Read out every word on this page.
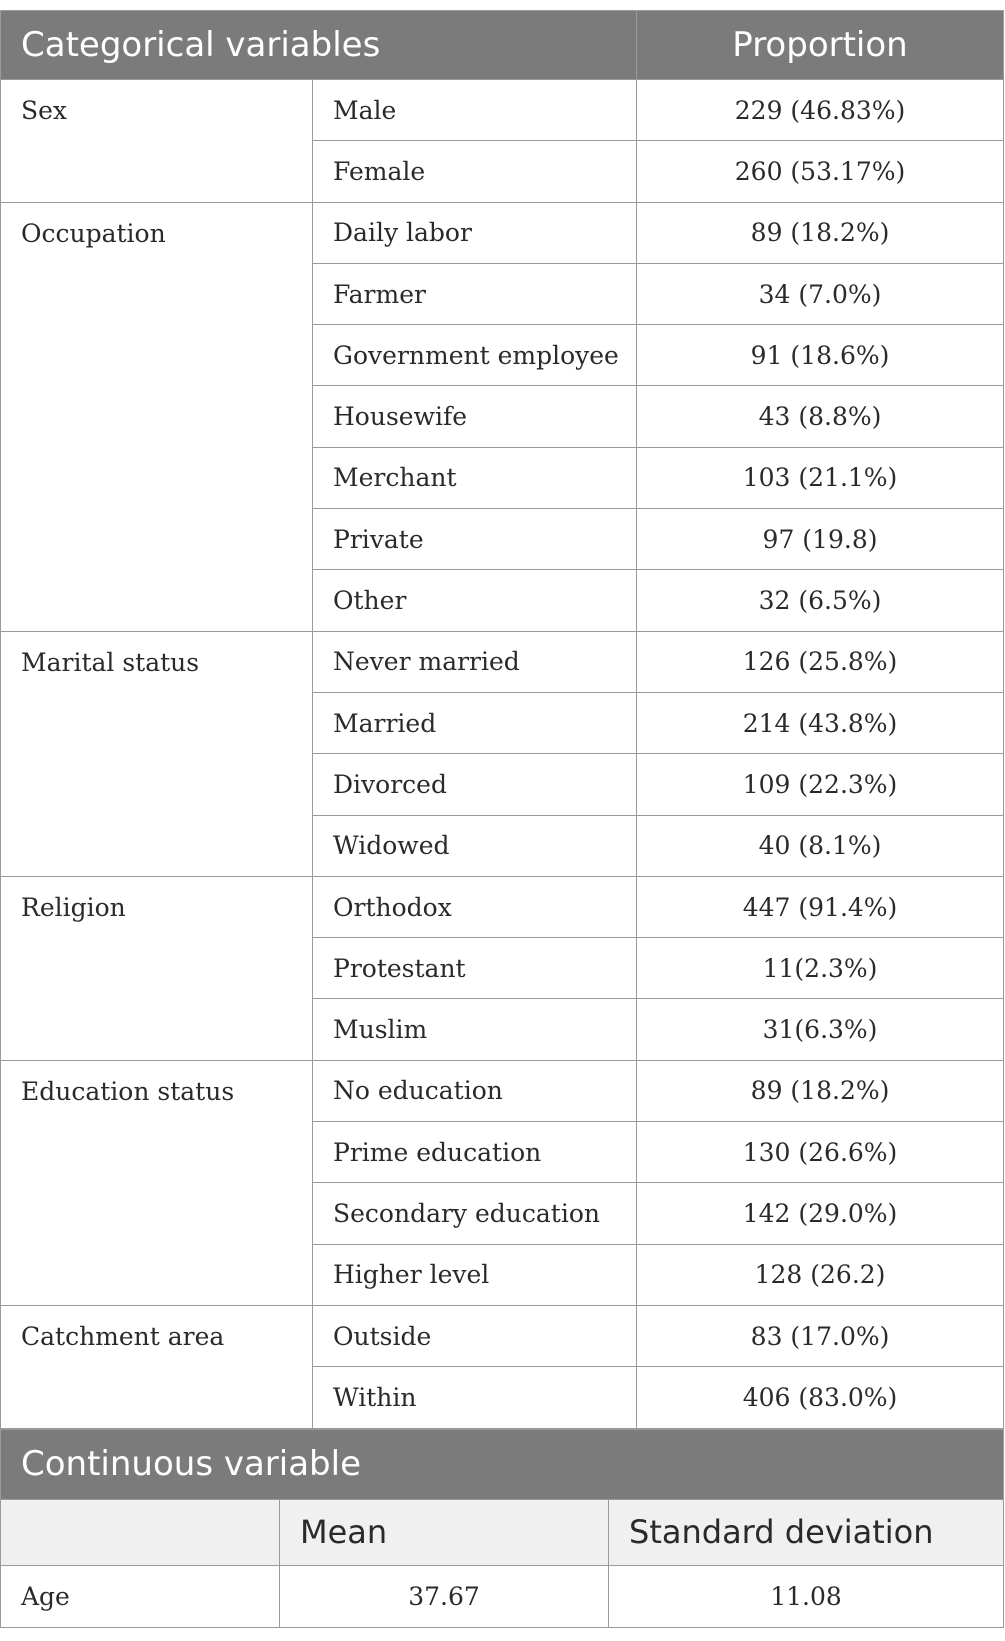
Categorical variables		Proportion
Sex	Male	229 (46.83%)
	Female	260 (53.17%)
Occupation	Daily labor	89 (18.2%)
	Farmer	34 (7.0%)
	Government employee	91 (18.6%)
	Housewife	43 (8.8%)
	Merchant	103 (21.1%)
	Private	97 (19.8)
	Other	32 (6.5%)
Marital status	Never married	126 (25.8%)
	Married	214 (43.8%)
	Divorced	109 (22.3%)
	Widowed	40 (8.1%)
Religion	Orthodox	447 (91.4%)
	Protestant	11(2.3%)
	Muslim	31(6.3%)
Education status	No education	89 (18.2%)
	Prime education	130 (26.6%)
	Secondary education	142 (29.0%)
	Higher level	128 (26.2)
Catchment area	Outside	83 (17.0%)
	Within	406 (83.0%)
Continuous variable		
	Mean	Standard deviation
Age	37.67	11.08
